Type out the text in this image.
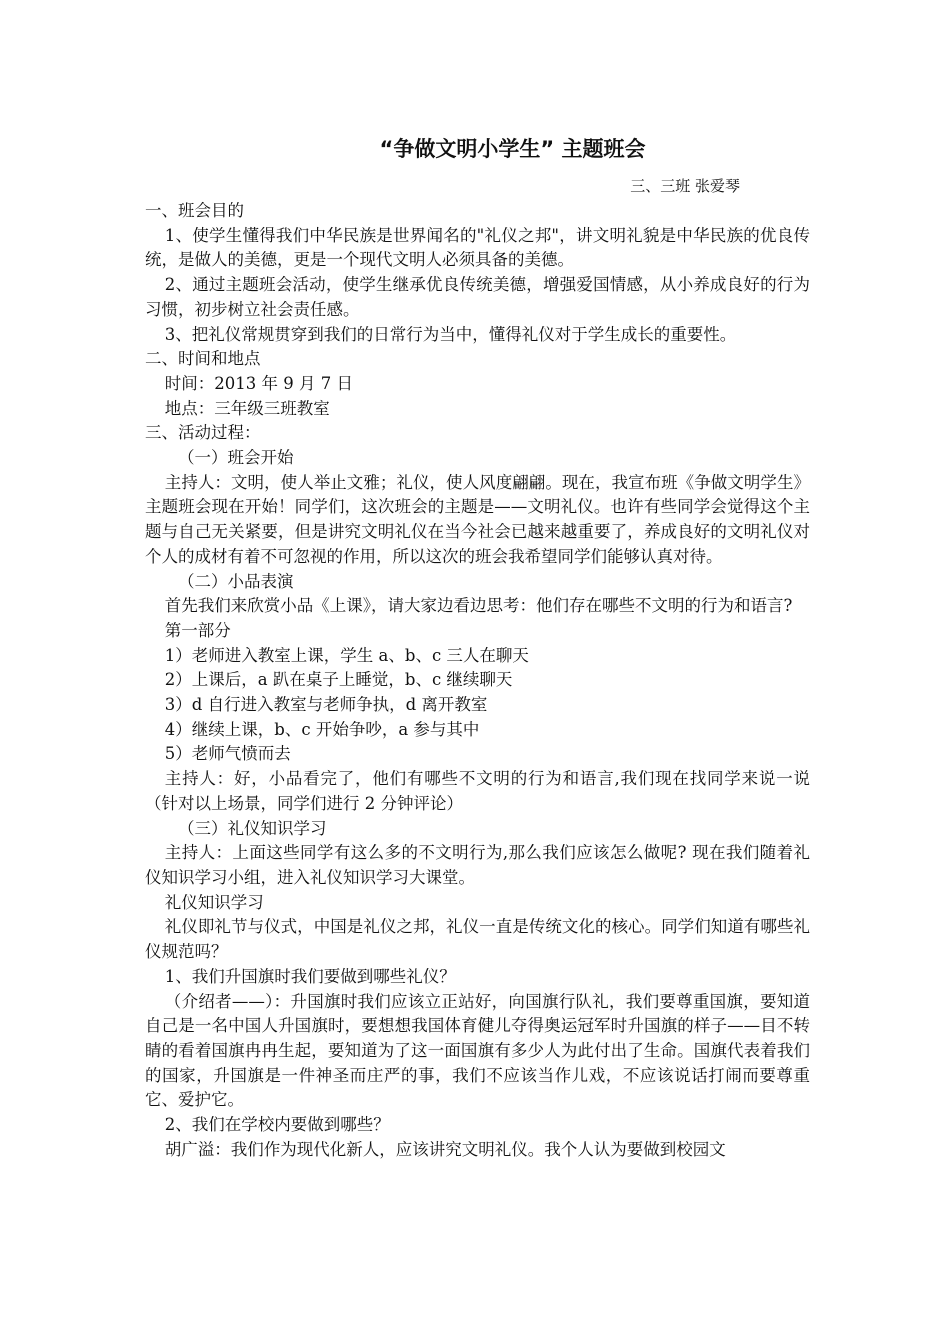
“争做文明小学生” 主题班会
三、三班 张爱琴

一、班会目的

1、使学生懂得我们中华民族是世界闻名的"礼仪之邦"，讲文明礼貌是中华民族的优良传统，是做人的美德，更是一个现代文明人必须具备的美德。

2、通过主题班会活动，使学生继承优良传统美德，增强爱国情感，从小养成良好的行为习惯，初步树立社会责任感。

3、把礼仪常规贯穿到我们的日常行为当中，懂得礼仪对于学生成长的重要性。

二、时间和地点

时间：2013 年 9 月 7 日

地点：三年级三班教室

三、活动过程：

（一）班会开始

主持人：文明，使人举止文雅；礼仪，使人风度翩翩。现在，我宣布班《争做文明学生》主题班会现在开始！同学们，这次班会的主题是——文明礼仪。也许有些同学会觉得这个主题与自己无关紧要，但是讲究文明礼仪在当今社会已越来越重要了，养成良好的文明礼仪对个人的成材有着不可忽视的作用，所以这次的班会我希望同学们能够认真对待。

（二）小品表演

首先我们来欣赏小品《上课》，请大家边看边思考：他们存在哪些不文明的行为和语言?

第一部分

1）老师进入教室上课，学生 a、b、c 三人在聊天

2）上课后，a 趴在桌子上睡觉，b、c 继续聊天

3）d 自行进入教室与老师争执，d 离开教室

4）继续上课，b、c 开始争吵，a 参与其中

5）老师气愤而去

主持人：好，小品看完了，他们有哪些不文明的行为和语言,我们现在找同学来说一说（针对以上场景，同学们进行 2 分钟评论）

（三）礼仪知识学习

主持人：上面这些同学有这么多的不文明行为,那么我们应该怎么做呢? 现在我们随着礼仪知识学习小组，进入礼仪知识学习大课堂。

礼仪知识学习

礼仪即礼节与仪式，中国是礼仪之邦，礼仪一直是传统文化的核心。同学们知道有哪些礼仪规范吗？

1、我们升国旗时我们要做到哪些礼仪？

（介绍者——）：升国旗时我们应该立正站好，向国旗行队礼，我们要尊重国旗，要知道自己是一名中国人升国旗时，要想想我国体育健儿夺得奥运冠军时升国旗的样子——目不转睛的看着国旗冉冉生起，要知道为了这一面国旗有多少人为此付出了生命。国旗代表着我们的国家，升国旗是一件神圣而庄严的事，我们不应该当作儿戏，不应该说话打闹而要尊重它、爱护它。

2、我们在学校内要做到哪些？

胡广溢：我们作为现代化新人，应该讲究文明礼仪。我个人认为要做到校园文
